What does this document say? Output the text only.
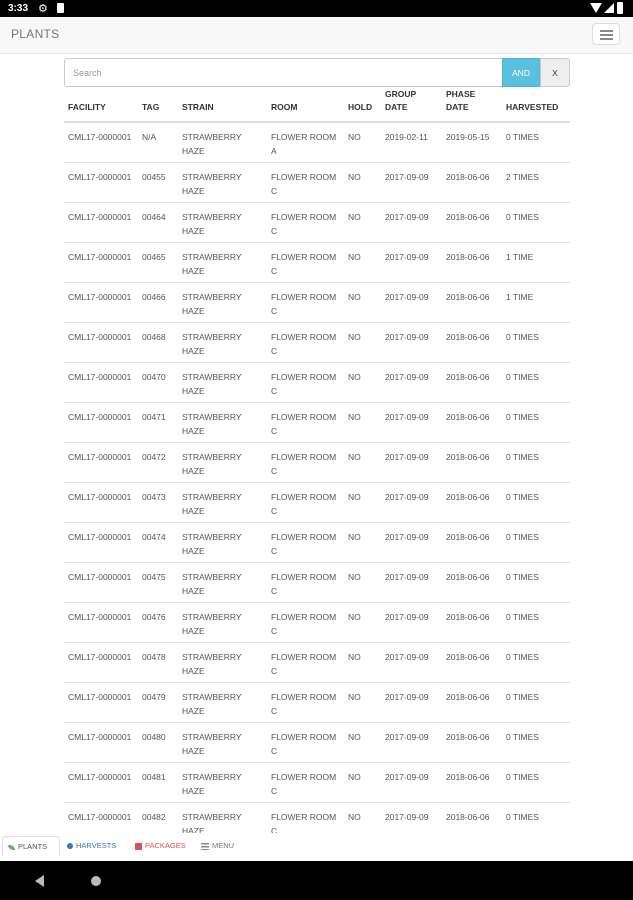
3:33 ⚙
PLANTS
Search
AND	X
FACILITY	TAG	STRAIN	ROOM	HOLD	GROUP DATE	PHASE DATE	HARVESTED
CML17-0000001	N/A	STRAWBERRY HAZE	FLOWER ROOM A	NO	2019-02-11	2019-05-15	0 TIMES
CML17-0000001	00455	STRAWBERRY HAZE	FLOWER ROOM C	NO	2017-09-09	2018-06-06	2 TIMES
CML17-0000001	00464	STRAWBERRY HAZE	FLOWER ROOM C	NO	2017-09-09	2018-06-06	0 TIMES
CML17-0000001	00465	STRAWBERRY HAZE	FLOWER ROOM C	NO	2017-09-09	2018-06-06	1 TIME
CML17-0000001	00466	STRAWBERRY HAZE	FLOWER ROOM C	NO	2017-09-09	2018-06-06	1 TIME
CML17-0000001	00468	STRAWBERRY HAZE	FLOWER ROOM C	NO	2017-09-09	2018-06-06	0 TIMES
CML17-0000001	00470	STRAWBERRY HAZE	FLOWER ROOM C	NO	2017-09-09	2018-06-06	0 TIMES
CML17-0000001	00471	STRAWBERRY HAZE	FLOWER ROOM C	NO	2017-09-09	2018-06-06	0 TIMES
CML17-0000001	00472	STRAWBERRY HAZE	FLOWER ROOM C	NO	2017-09-09	2018-06-06	0 TIMES
CML17-0000001	00473	STRAWBERRY HAZE	FLOWER ROOM C	NO	2017-09-09	2018-06-06	0 TIMES
CML17-0000001	00474	STRAWBERRY HAZE	FLOWER ROOM C	NO	2017-09-09	2018-06-06	0 TIMES
CML17-0000001	00475	STRAWBERRY HAZE	FLOWER ROOM C	NO	2017-09-09	2018-06-06	0 TIMES
CML17-0000001	00476	STRAWBERRY HAZE	FLOWER ROOM C	NO	2017-09-09	2018-06-06	0 TIMES
CML17-0000001	00478	STRAWBERRY HAZE	FLOWER ROOM C	NO	2017-09-09	2018-06-06	0 TIMES
CML17-0000001	00479	STRAWBERRY HAZE	FLOWER ROOM C	NO	2017-09-09	2018-06-06	0 TIMES
CML17-0000001	00480	STRAWBERRY HAZE	FLOWER ROOM C	NO	2017-09-09	2018-06-06	0 TIMES
CML17-0000001	00481	STRAWBERRY HAZE	FLOWER ROOM C	NO	2017-09-09	2018-06-06	0 TIMES
CML17-0000001	00482	STRAWBERRY HAZE	FLOWER ROOM C	NO	2017-09-09	2018-06-06	0 TIMES
PLANTS	HARVESTS	PACKAGES	MENU
